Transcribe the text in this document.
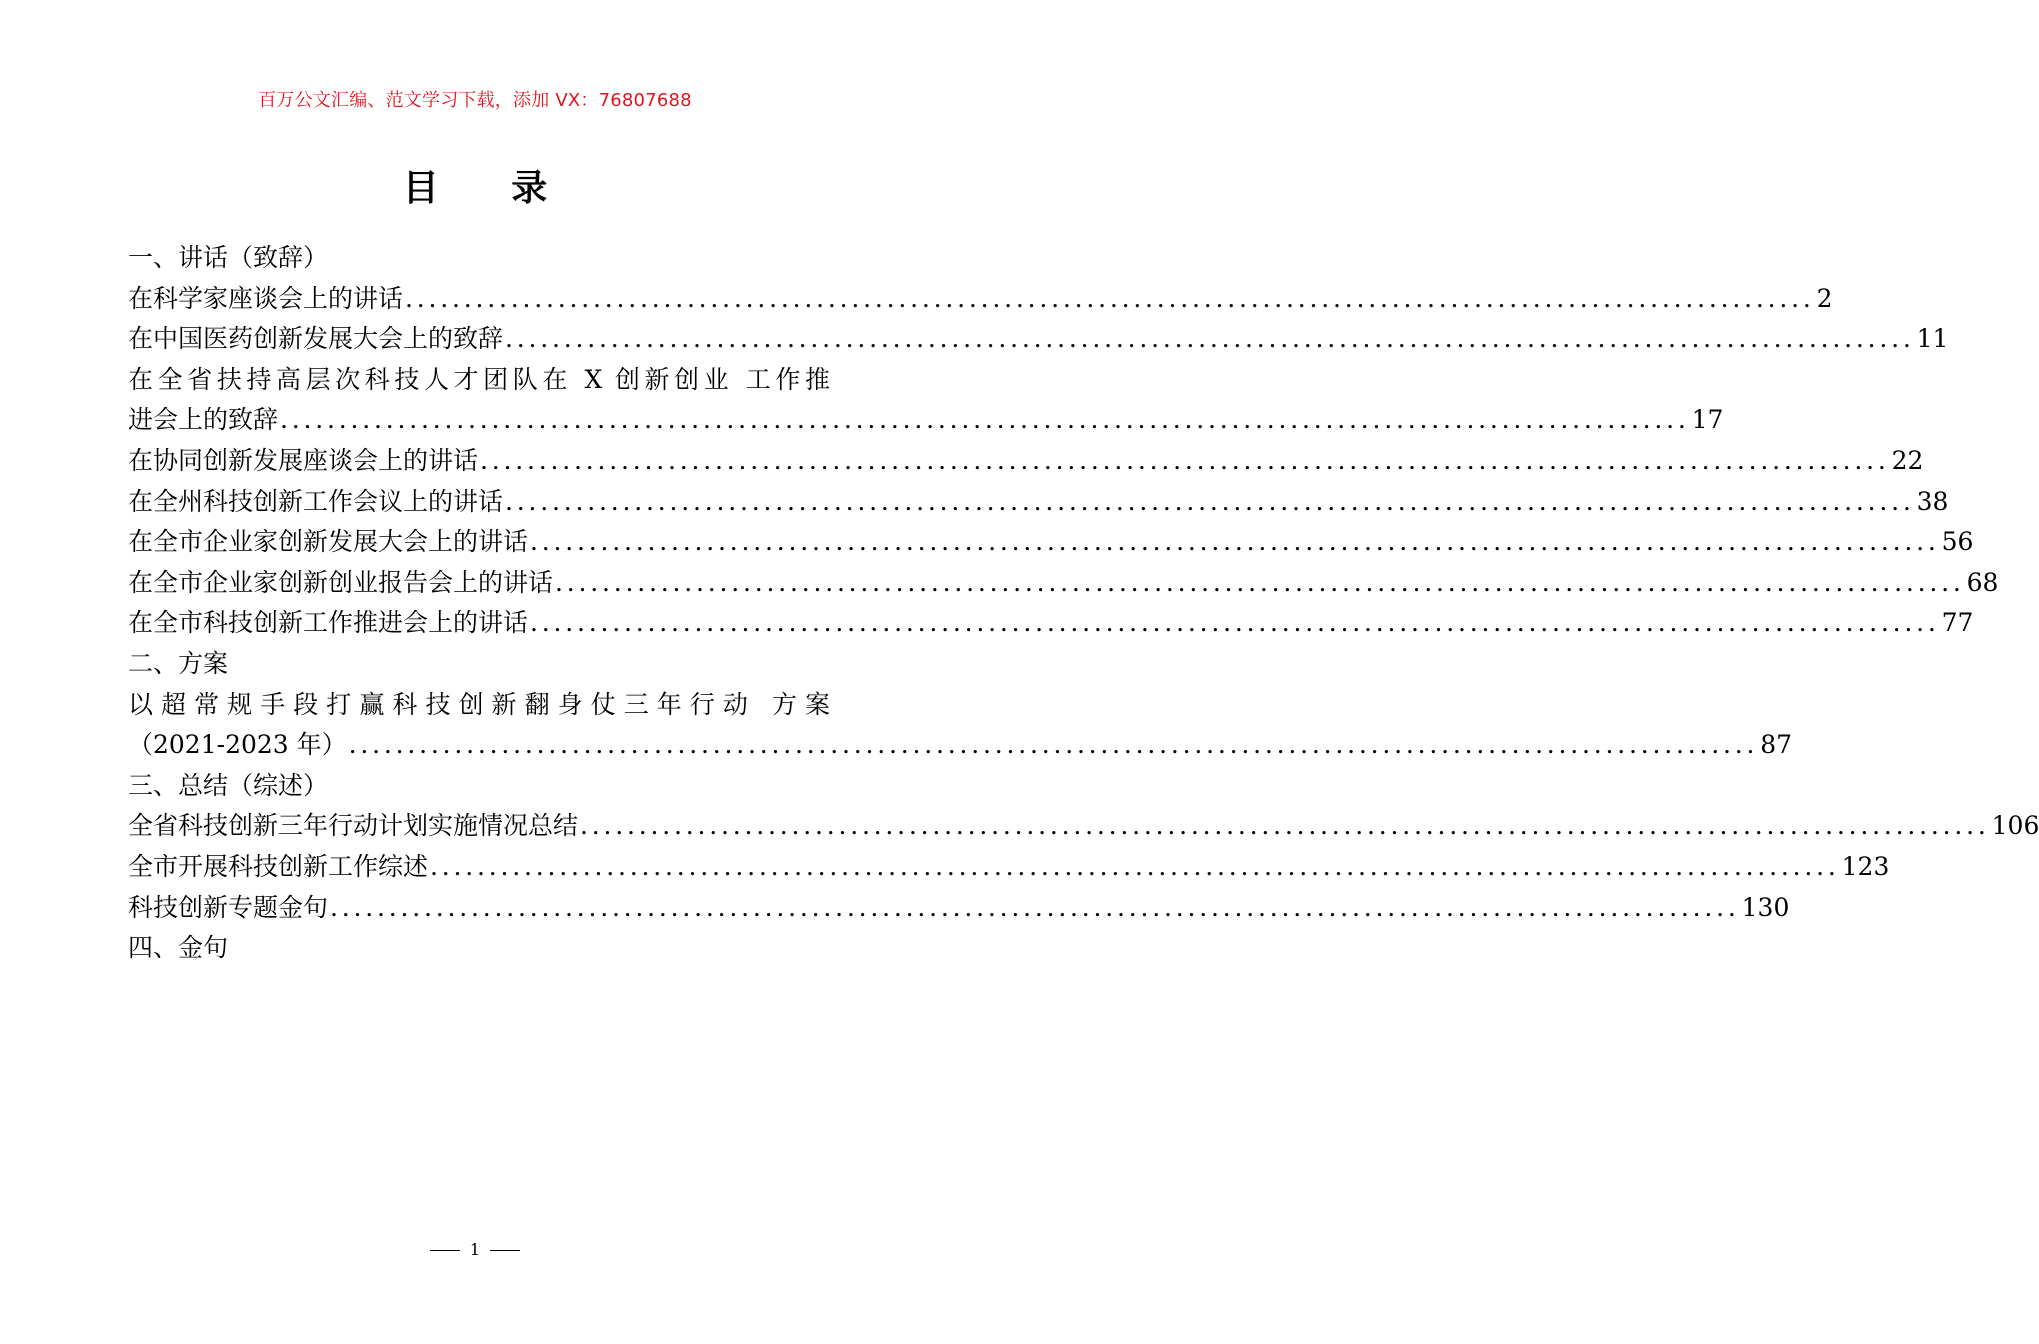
百万公文汇编、范文学习下载，添加 VX：76807688
目 录
一、讲话（致辞）
在科学家座谈会上的讲话 ........................................................................................................................ 2
在中国医药创新发展大会上的致辞 ........................................................................................................................ 11
在全省扶持高层次科技人才团队在 X 创新创业 工作推
进会上的致辞 ........................................................................................................................ 17
在协同创新发展座谈会上的讲话 ........................................................................................................................ 22
在全州科技创新工作会议上的讲话 ........................................................................................................................ 38
在全市企业家创新发展大会上的讲话 ........................................................................................................................ 56
在全市企业家创新创业报告会上的讲话 ........................................................................................................................ 68
在全市科技创新工作推进会上的讲话 ........................................................................................................................ 77
二、方案
以超常规手段打赢科技创新翻身仗三年行动 方案
（2021-2023 年） ........................................................................................................................ 87
三、总结（综述）
全省科技创新三年行动计划实施情况总结 ........................................................................................................................ 106
全市开展科技创新工作综述 ........................................................................................................................ 123
科技创新专题金句 ........................................................................................................................ 130
四、金句
1
